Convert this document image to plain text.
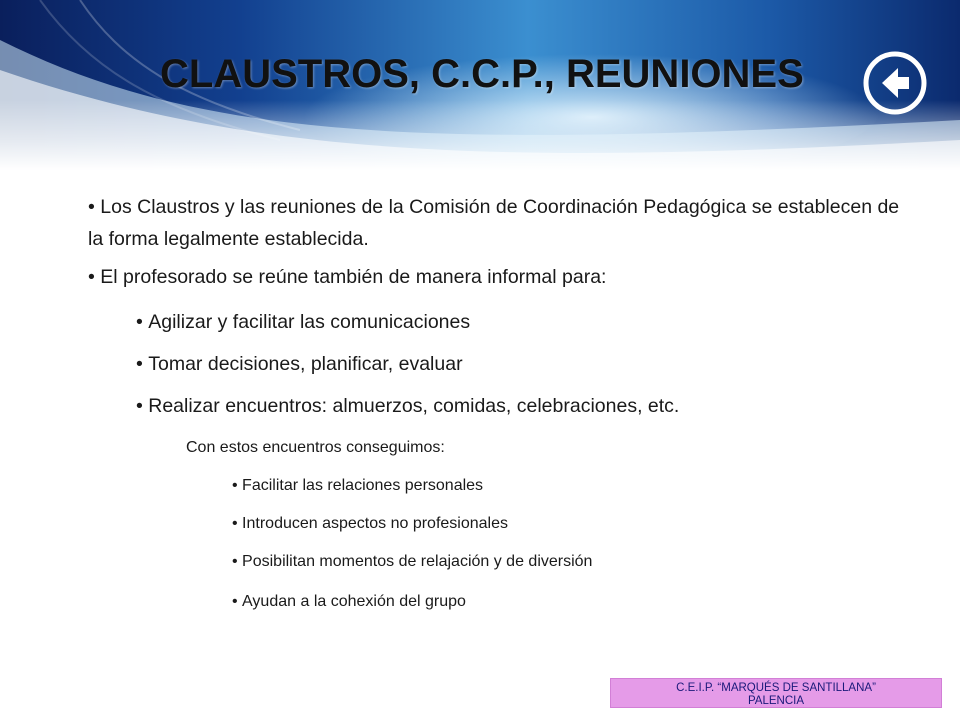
CLAUSTROS, C.C.P., REUNIONES
• Los Claustros y las reuniones de la Comisión de Coordinación Pedagógica se establecen de la forma legalmente establecida.
• El profesorado se reúne también de manera informal para:
• Agilizar y facilitar las comunicaciones
• Tomar decisiones, planificar, evaluar
• Realizar encuentros: almuerzos, comidas, celebraciones, etc.
Con estos encuentros conseguimos:
• Facilitar las relaciones personales
• Introducen aspectos no profesionales
• Posibilitan momentos de relajación y de diversión
• Ayudan a la cohexión del grupo
C.E.I.P. “MARQUÉS DE SANTILLANA”
PALENCIA
